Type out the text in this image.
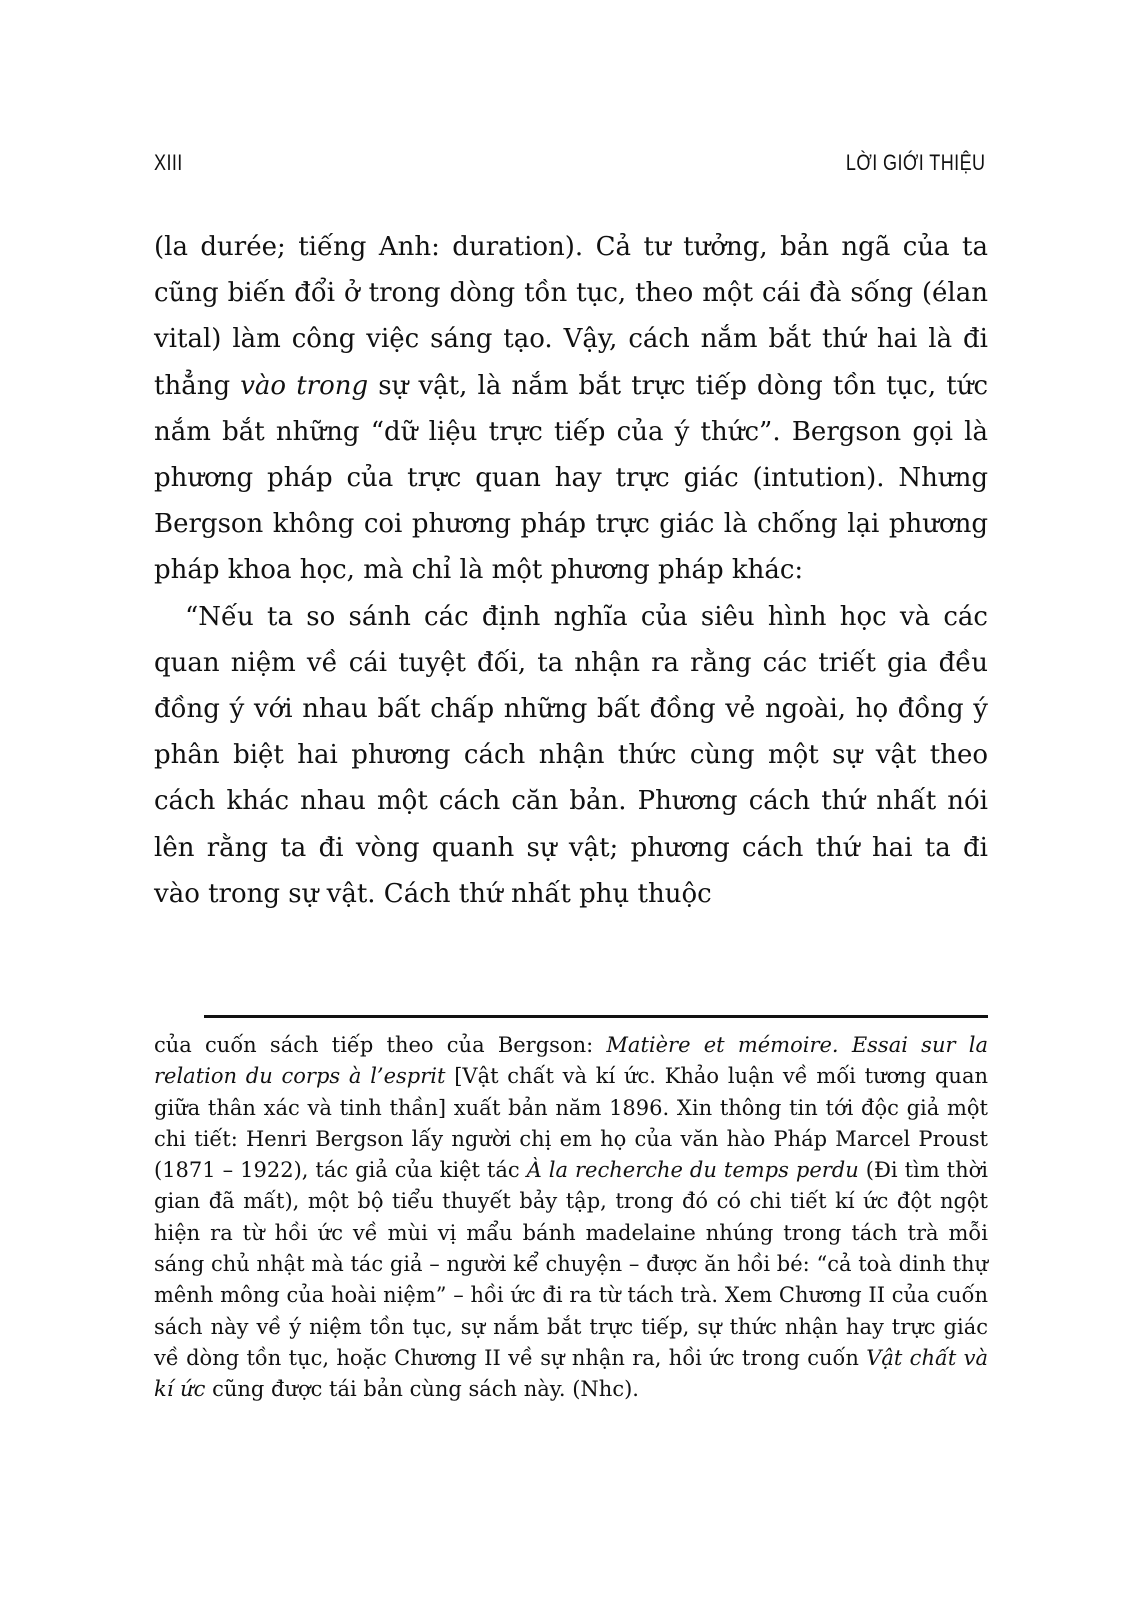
XIII	LỜI GIỚI THIỆU

(la durée; tiếng Anh: duration). Cả tư tưởng, bản ngã của ta cũng biến đổi ở trong dòng tồn tục, theo một cái đà sống (élan vital) làm công việc sáng tạo. Vậy, cách nắm bắt thứ hai là đi thẳng vào trong sự vật, là nắm bắt trực tiếp dòng tồn tục, tức nắm bắt những “dữ liệu trực tiếp của ý thức”. Bergson gọi là phương pháp của trực quan hay trực giác (intution). Nhưng Bergson không coi phương pháp trực giác là chống lại phương pháp khoa học, mà chỉ là một phương pháp khác:

“Nếu ta so sánh các định nghĩa của siêu hình học và các quan niệm về cái tuyệt đối, ta nhận ra rằng các triết gia đều đồng ý với nhau bất chấp những bất đồng vẻ ngoài, họ đồng ý phân biệt hai phương cách nhận thức cùng một sự vật theo cách khác nhau một cách căn bản. Phương cách thứ nhất nói lên rằng ta đi vòng quanh sự vật; phương cách thứ hai ta đi vào trong sự vật. Cách thứ nhất phụ thuộc

của cuốn sách tiếp theo của Bergson: Matière et mémoire. Essai sur la relation du corps à l’esprit [Vật chất và kí ức. Khảo luận về mối tương quan giữa thân xác và tinh thần] xuất bản năm 1896. Xin thông tin tới độc giả một chi tiết: Henri Bergson lấy người chị em họ của văn hào Pháp Marcel Proust (1871 – 1922), tác giả của kiệt tác À la recherche du temps perdu (Đi tìm thời gian đã mất), một bộ tiểu thuyết bảy tập, trong đó có chi tiết kí ức đột ngột hiện ra từ hồi ức về mùi vị mẩu bánh madelaine nhúng trong tách trà mỗi sáng chủ nhật mà tác giả – người kể chuyện – được ăn hồi bé: “cả toà dinh thự mênh mông của hoài niệm” – hồi ức đi ra từ tách trà. Xem Chương II của cuốn sách này về ý niệm tồn tục, sự nắm bắt trực tiếp, sự thức nhận hay trực giác về dòng tồn tục, hoặc Chương II về sự nhận ra, hồi ức trong cuốn Vật chất và kí ức cũng được tái bản cùng sách này. (Nhc).
